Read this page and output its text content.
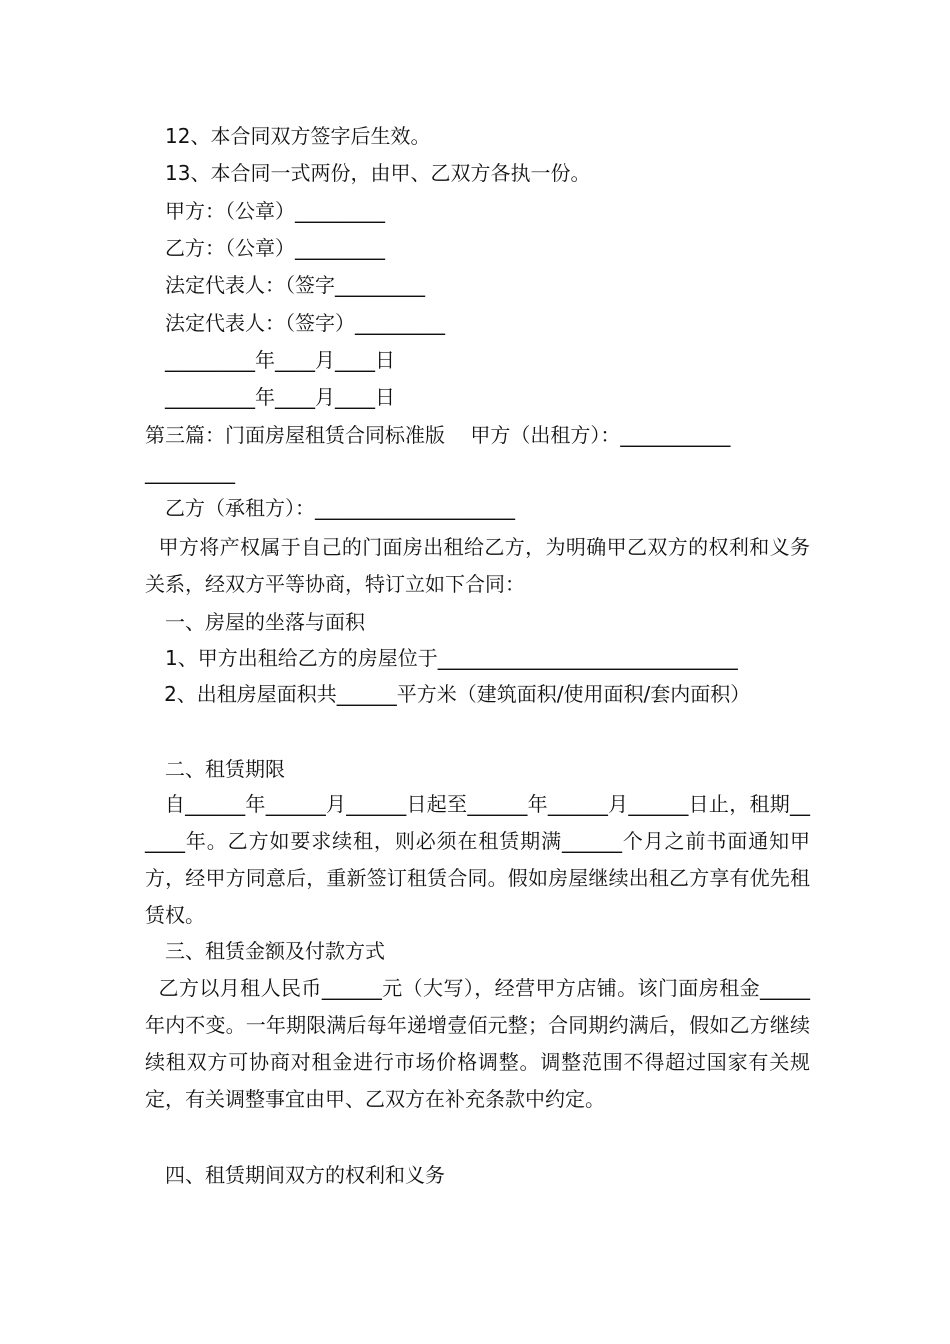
12、本合同双方签字后生效。

13、本合同一式两份，由甲、乙双方各执一份。

甲方：（公章）_________

乙方：（公章）_________

法定代表人：（签字_________

法定代表人：（签字）_________

_________年____月____日

_________年____月____日

第三篇：门面房屋租赁合同标准版    甲方（出租方）：___________

_________

乙方（承租方）：____________________

甲方将产权属于自己的门面房出租给乙方，为明确甲乙双方的权利和义务关系，经双方平等协商，特订立如下合同：

一、房屋的坐落与面积

1、甲方出租给乙方的房屋位于______________________________

2、出租房屋面积共______平方米（建筑面积/使用面积/套内面积）

二、租赁期限

自______年______月______日起至______年______月______日止，租期______年。乙方如要求续租，则必须在租赁期满______个月之前书面通知甲方，经甲方同意后，重新签订租赁合同。假如房屋继续出租乙方享有优先租赁权。

三、租赁金额及付款方式

乙方以月租人民币______元（大写），经营甲方店铺。该门面房租金_____年内不变。一年期限满后每年递增壹佰元整；合同期约满后，假如乙方继续续租双方可协商对租金进行市场价格调整。调整范围不得超过国家有关规定，有关调整事宜由甲、乙双方在补充条款中约定。

四、租赁期间双方的权利和义务
